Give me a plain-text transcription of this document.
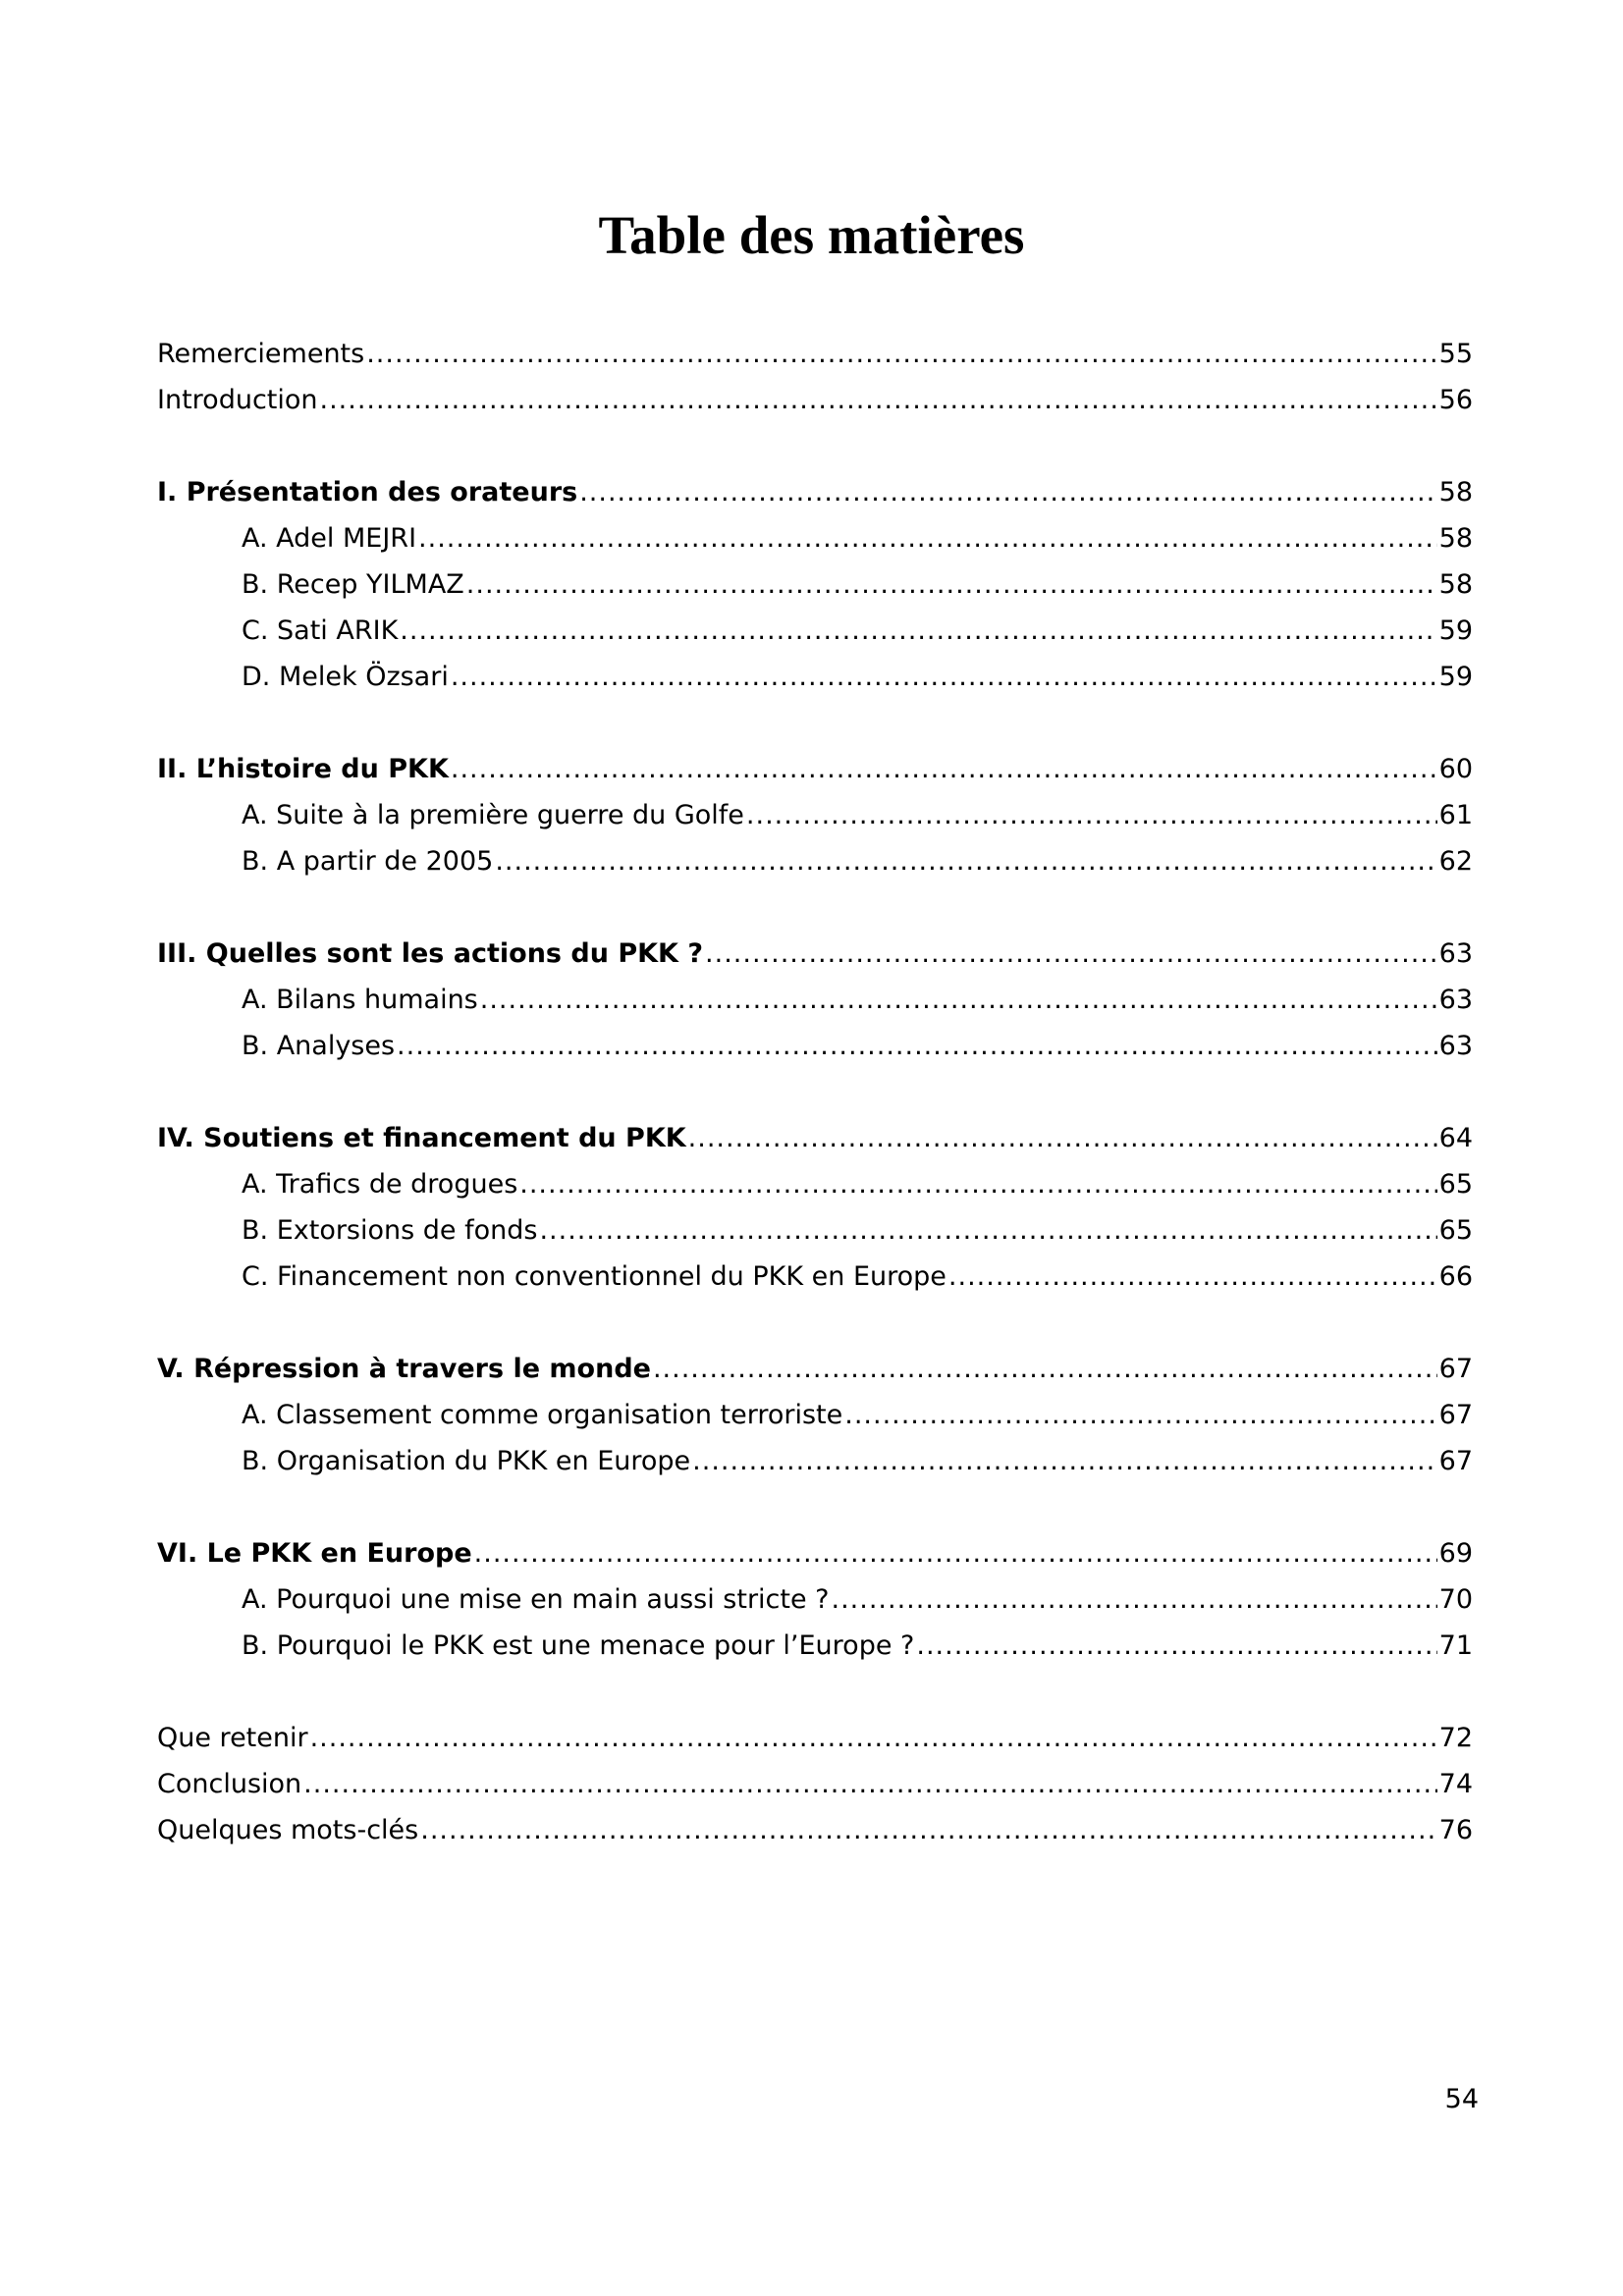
Table des matières
Remerciements .....	55
Introduction .....	56
I. Présentation des orateurs .....	58
A. Adel MEJRI .....	58
B. Recep YILMAZ .....	58
C. Sati ARIK .....	59
D. Melek Özsari .....	59
II. L’histoire du PKK .....	60
A. Suite à la première guerre du Golfe .....	61
B. A partir de 2005 .....	62
III. Quelles sont les actions du PKK ? .....	63
A. Bilans humains .....	63
B. Analyses .....	63
IV. Soutiens et financement du PKK .....	64
A. Trafics de drogues .....	65
B. Extorsions de fonds .....	65
C. Financement non conventionnel du PKK en Europe .....	66
V. Répression à travers le monde .....	67
A. Classement comme organisation terroriste .....	67
B. Organisation du PKK en Europe .....	67
VI. Le PKK en Europe .....	69
A. Pourquoi une mise en main aussi stricte ? .....	70
B. Pourquoi le PKK est une menace pour l’Europe ? .....	71
Que retenir .....	72
Conclusion .....	74
Quelques mots-clés .....	76
54
